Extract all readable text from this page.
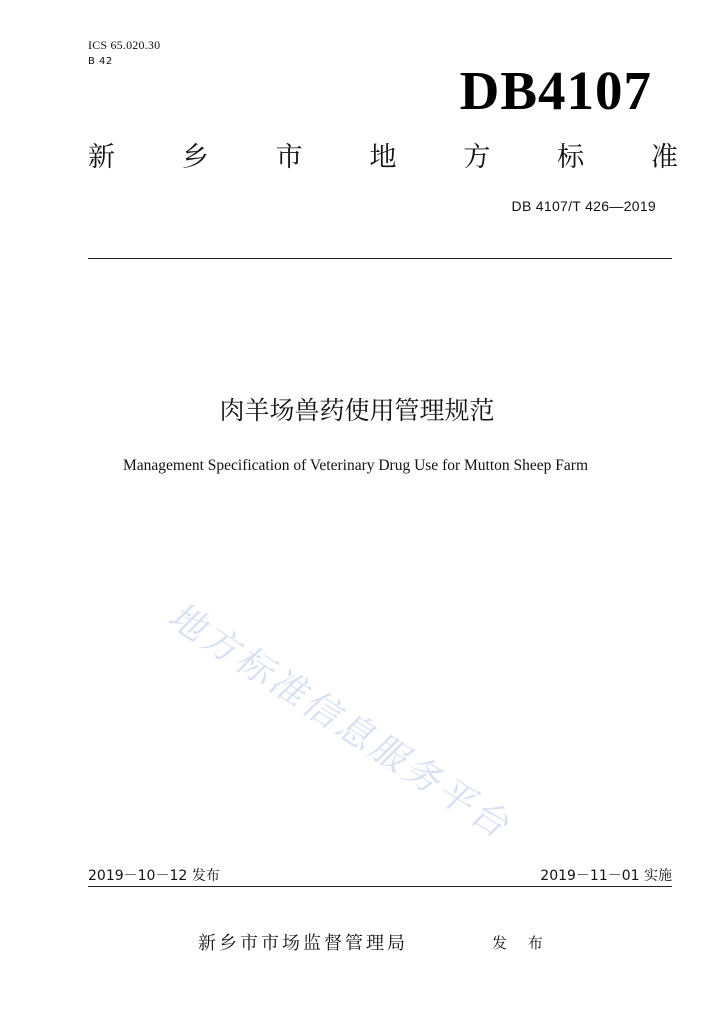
ICS 65.020.30
B 42	DB4107
新 乡 市 地 方 标 准
DB 4107/T 426—2019
肉羊场兽药使用管理规范
Management Specification of Veterinary Drug Use for Mutton Sheep Farm
地方标准信息服务平台
2019－10－12 发布	2019－11－01 实施
新乡市市场监督管理局	发 布
